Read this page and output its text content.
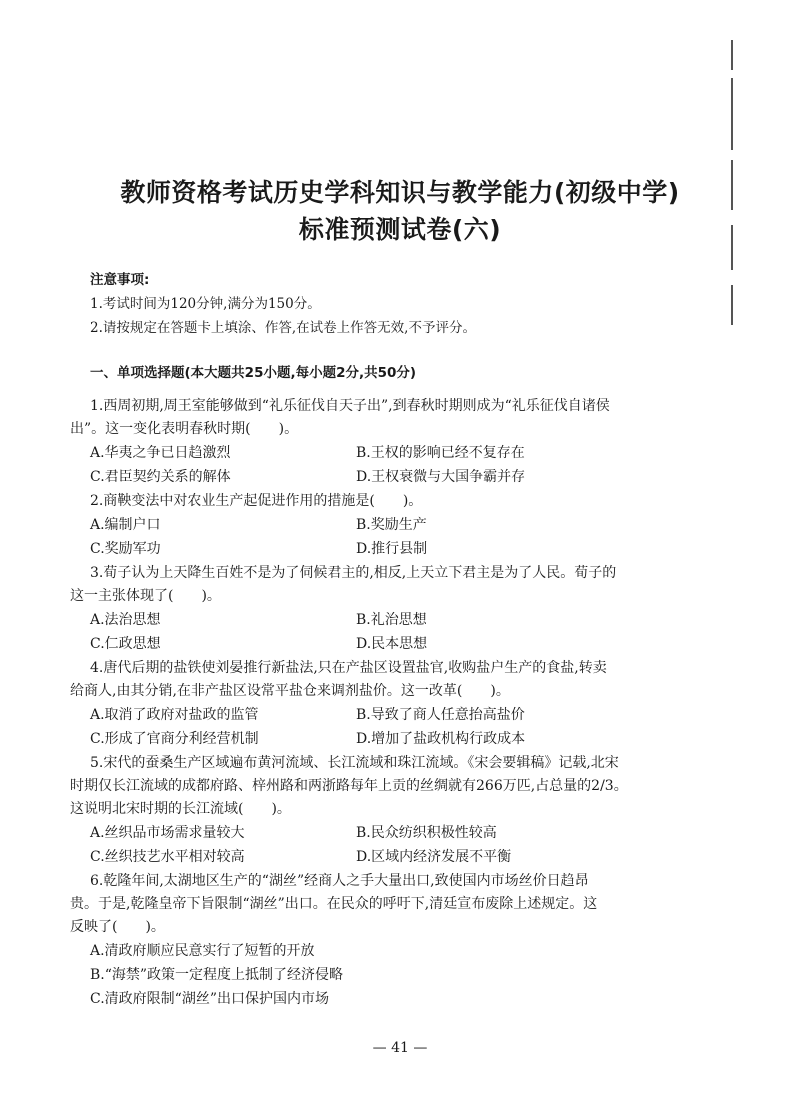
教师资格考试历史学科知识与教学能力(初级中学)
标准预测试卷(六)
注意事项:
1.考试时间为120分钟,满分为150分。
2.请按规定在答题卡上填涂、作答,在试卷上作答无效,不予评分。
一、单项选择题(本大题共25小题,每小题2分,共50分)
1.西周初期,周王室能够做到“礼乐征伐自天子出”,到春秋时期则成为“礼乐征伐自诸侯
出”。这一变化表明春秋时期(　　)。
A.华夷之争已日趋激烈	B.王权的影响已经不复存在
C.君臣契约关系的解体	D.王权衰微与大国争霸并存
2.商鞅变法中对农业生产起促进作用的措施是(　　)。
A.编制户口	B.奖励生产
C.奖励军功	D.推行县制
3.荀子认为上天降生百姓不是为了伺候君主的,相反,上天立下君主是为了人民。荀子的
这一主张体现了(　　)。
A.法治思想	B.礼治思想
C.仁政思想	D.民本思想
4.唐代后期的盐铁使刘晏推行新盐法,只在产盐区设置盐官,收购盐户生产的食盐,转卖
给商人,由其分销,在非产盐区设常平盐仓来调剂盐价。这一改革(　　)。
A.取消了政府对盐政的监管	B.导致了商人任意抬高盐价
C.形成了官商分利经营机制	D.增加了盐政机构行政成本
5.宋代的蚕桑生产区域遍布黄河流域、长江流域和珠江流域。《宋会要辑稿》记载,北宋
时期仅长江流域的成都府路、梓州路和两浙路每年上贡的丝绸就有266万匹,占总量的2/3。
这说明北宋时期的长江流域(　　)。
A.丝织品市场需求量较大	B.民众纺织积极性较高
C.丝织技艺水平相对较高	D.区域内经济发展不平衡
6.乾隆年间,太湖地区生产的“湖丝”经商人之手大量出口,致使国内市场丝价日趋昂
贵。于是,乾隆皇帝下旨限制“湖丝”出口。在民众的呼吁下,清廷宣布废除上述规定。这
反映了(　　)。
A.清政府顺应民意实行了短暂的开放
B.“海禁”政策一定程度上抵制了经济侵略
C.清政府限制“湖丝”出口保护国内市场
— 41 —
